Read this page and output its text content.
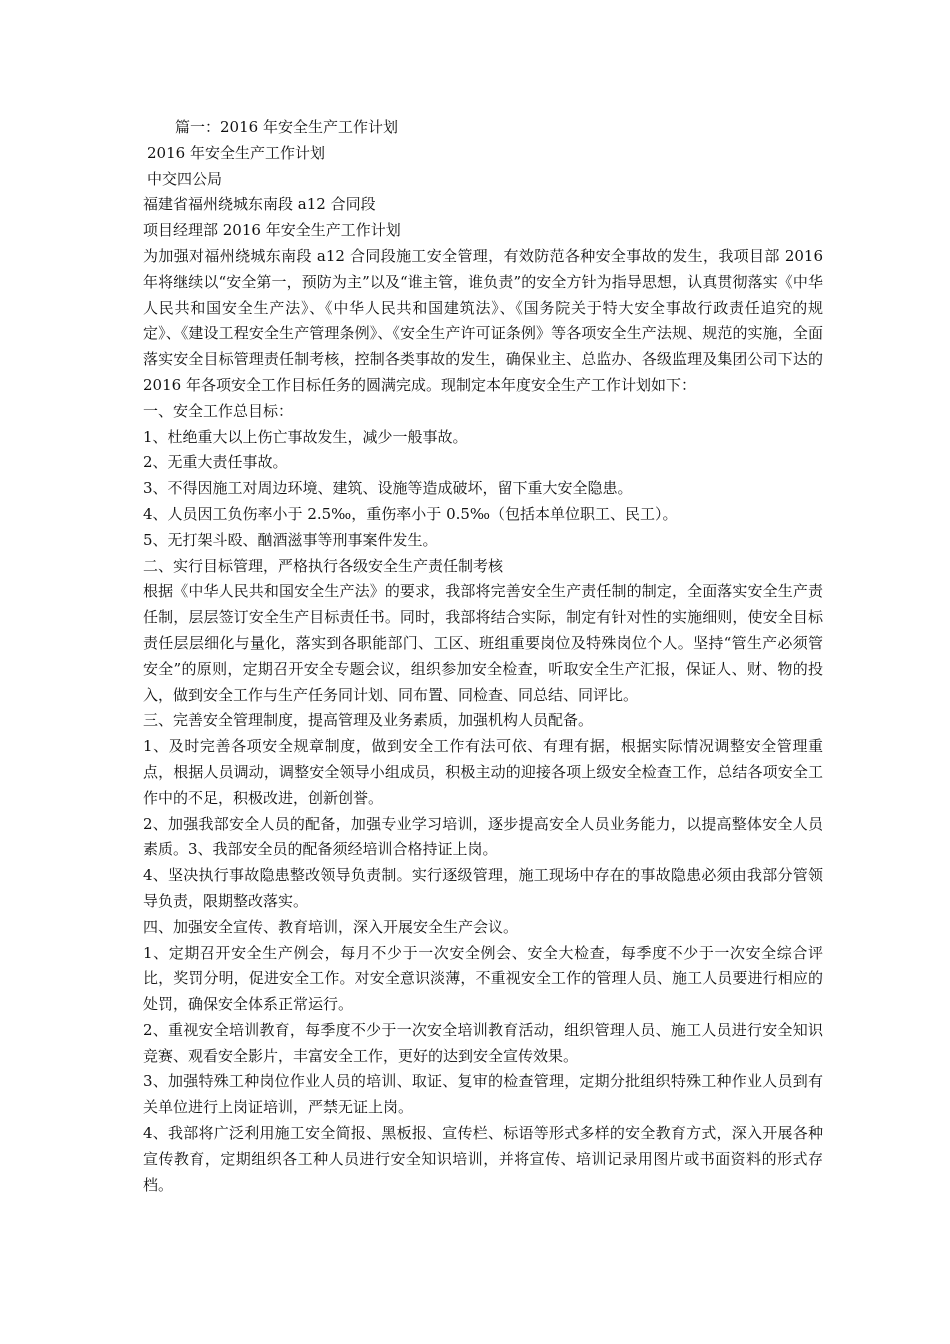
篇一：2016 年安全生产工作计划

2016 年安全生产工作计划

中交四公局

福建省福州绕城东南段 a12 合同段

项目经理部 2016 年安全生产工作计划

为加强对福州绕城东南段 a12 合同段施工安全管理，有效防范各种安全事故的发生，我项目部 2016 年将继续以“安全第一，预防为主”以及“谁主管，谁负责”的安全方针为指导思想，认真贯彻落实《中华人民共和国安全生产法》、《中华人民共和国建筑法》、《国务院关于特大安全事故行政责任追究的规定》、《建设工程安全生产管理条例》、《安全生产许可证条例》等各项安全生产法规、规范的实施，全面落实安全目标管理责任制考核，控制各类事故的发生，确保业主、总监办、各级监理及集团公司下达的 2016 年各项安全工作目标任务的圆满完成。现制定本年度安全生产工作计划如下：

一、安全工作总目标：

1、杜绝重大以上伤亡事故发生，减少一般事故。

2、无重大责任事故。

3、不得因施工对周边环境、建筑、设施等造成破坏，留下重大安全隐患。

4、人员因工负伤率小于 2.5‰，重伤率小于 0.5‰（包括本单位职工、民工）。

5、无打架斗殴、酗酒滋事等刑事案件发生。

二、实行目标管理，严格执行各级安全生产责任制考核

根据《中华人民共和国安全生产法》的要求，我部将完善安全生产责任制的制定，全面落实安全生产责任制，层层签订安全生产目标责任书。同时，我部将结合实际，制定有针对性的实施细则，使安全目标责任层层细化与量化，落实到各职能部门、工区、班组重要岗位及特殊岗位个人。坚持“管生产必须管安全”的原则，定期召开安全专题会议，组织参加安全检查，听取安全生产汇报，保证人、财、物的投入，做到安全工作与生产任务同计划、同布置、同检查、同总结、同评比。

三、完善安全管理制度，提高管理及业务素质，加强机构人员配备。

1、及时完善各项安全规章制度，做到安全工作有法可依、有理有据，根据实际情况调整安全管理重点，根据人员调动，调整安全领导小组成员，积极主动的迎接各项上级安全检查工作，总结各项安全工作中的不足，积极改进，创新创誉。

2、加强我部安全人员的配备，加强专业学习培训，逐步提高安全人员业务能力，以提高整体安全人员素质。3、我部安全员的配备须经培训合格持证上岗。

4、坚决执行事故隐患整改领导负责制。实行逐级管理，施工现场中存在的事故隐患必须由我部分管领导负责，限期整改落实。

四、加强安全宣传、教育培训，深入开展安全生产会议。

1、定期召开安全生产例会，每月不少于一次安全例会、安全大检查，每季度不少于一次安全综合评比，奖罚分明，促进安全工作。对安全意识淡薄，不重视安全工作的管理人员、施工人员要进行相应的处罚，确保安全体系正常运行。

2、重视安全培训教育，每季度不少于一次安全培训教育活动，组织管理人员、施工人员进行安全知识竞赛、观看安全影片，丰富安全工作，更好的达到安全宣传效果。

3、加强特殊工种岗位作业人员的培训、取证、复审的检查管理，定期分批组织特殊工种作业人员到有关单位进行上岗证培训，严禁无证上岗。

4、我部将广泛利用施工安全简报、黑板报、宣传栏、标语等形式多样的安全教育方式，深入开展各种宣传教育，定期组织各工种人员进行安全知识培训，并将宣传、培训记录用图片或书面资料的形式存档。
